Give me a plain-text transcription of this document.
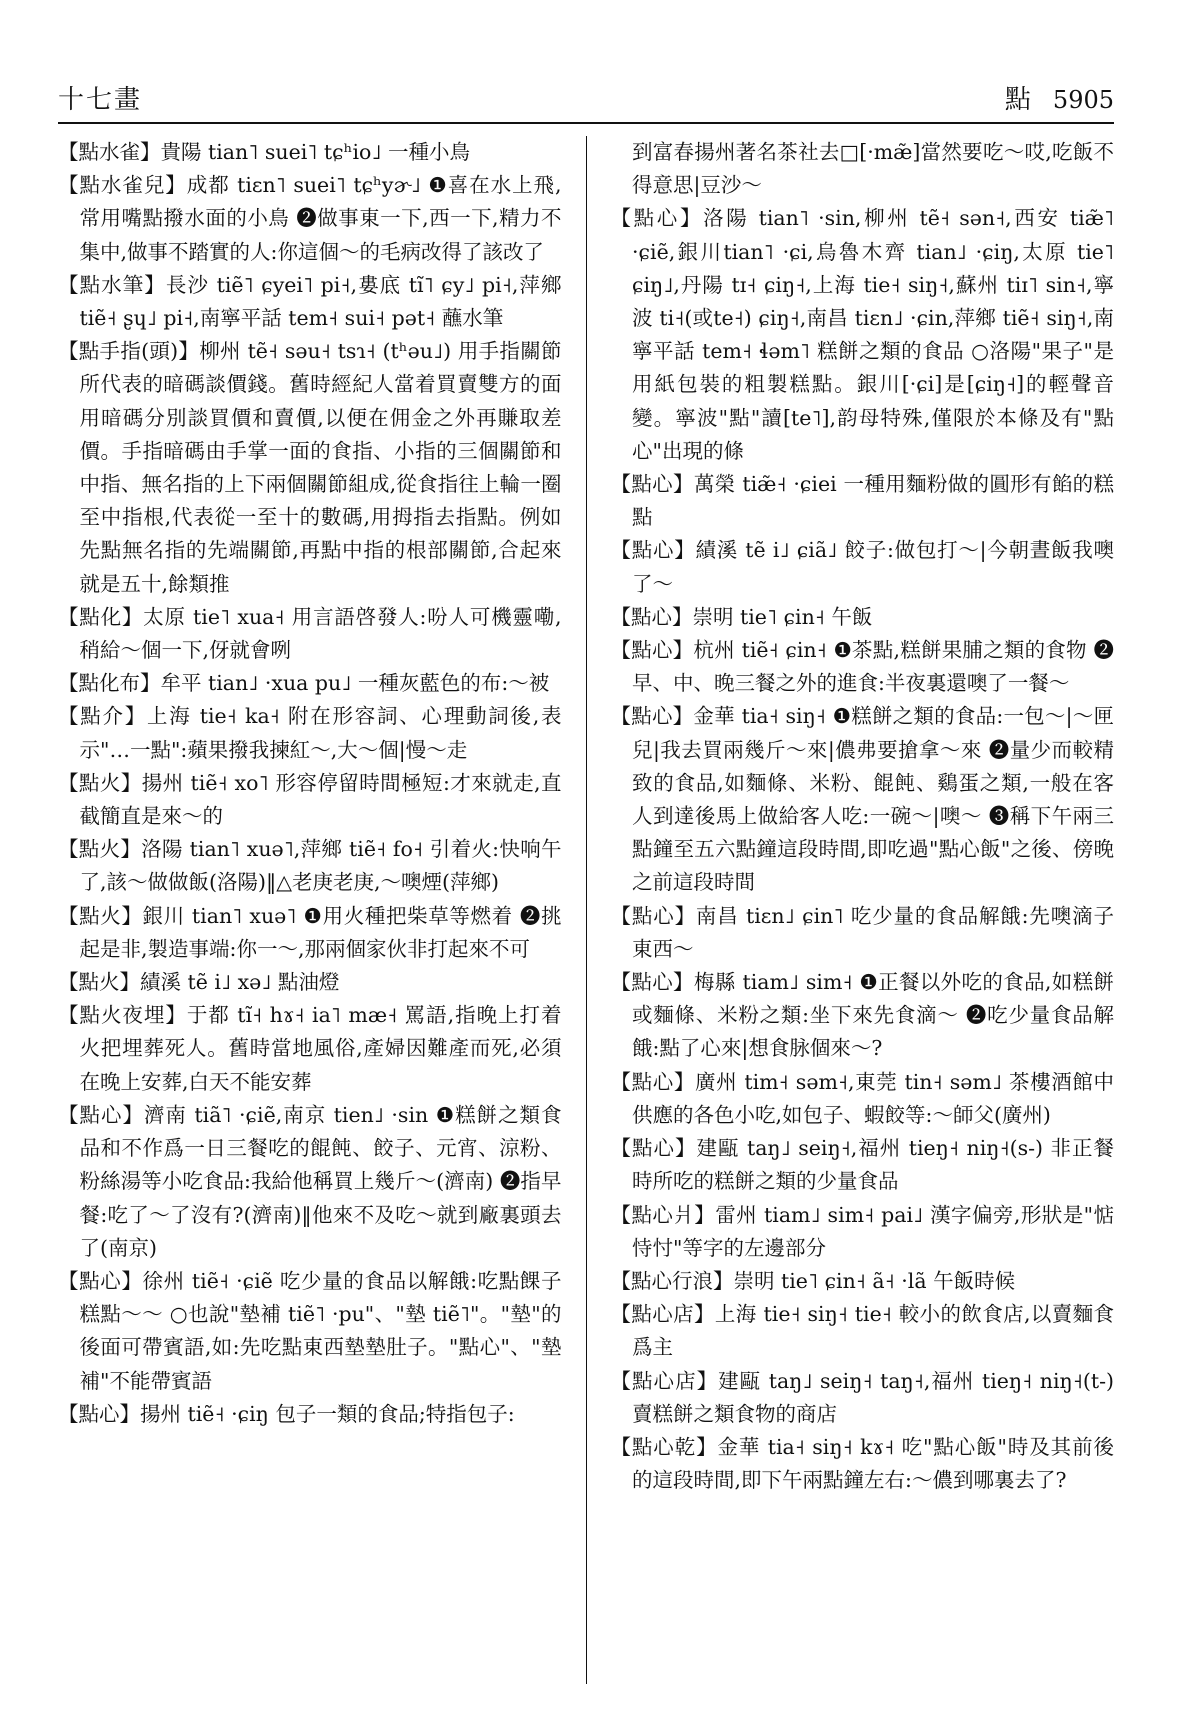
十七畫	點 5905
【點水雀】貴陽 tian˥ suei˥ tɕʰio˩ 一種小鳥
【點水雀兒】成都 tiɛn˥ suei˥ tɕʰyɚ˩ ❶喜在水上飛,常用嘴點撥水面的小鳥 ❷做事東一下,西一下,精力不集中,做事不踏實的人:你這個～的毛病改得了該改了
【點水筆】長沙 tiẽ˥ ɕyei˥ pi˧,婁底 tĩ˥ ɕy˩ pi˧,萍鄉 tiẽ˧ ʂɥ˩ pi˧,南寧平話 tem˧ sui˧ pət˧ 蘸水筆
【點手指(頭)】柳州 tẽ˧ səu˧ tsɿ˧ (tʰəu˩) 用手指關節所代表的暗碼談價錢。舊時經紀人當着買賣雙方的面用暗碼分別談買價和賣價,以便在佣金之外再賺取差價。手指暗碼由手掌一面的食指、小指的三個關節和中指、無名指的上下兩個關節組成,從食指往上輪一圈至中指根,代表從一至十的數碼,用拇指去指點。例如先點無名指的先端關節,再點中指的根部關節,合起來就是五十,餘類推
【點化】太原 tie˥ xua˧ 用言語啓發人:吩人可機靈嘞,稍給～個一下,伢就會咧
【點化布】牟平 tian˩ ·xua pu˩ 一種灰藍色的布:～被
【點介】上海 tie˧ ka˧ 附在形容詞、心理動詞後,表示"…一點":蘋果撥我揀紅～,大～個|慢～走
【點火】揚州 tiẽ˧ xo˥ 形容停留時間極短:才來就走,直截簡直是來～的
【點火】洛陽 tian˥ xuə˥,萍鄉 tiẽ˧ fo˧ 引着火:快响午了,該～做做飯(洛陽)‖△老庚老庚,～噢煙(萍鄉)
【點火】銀川 tian˥ xuə˥ ❶用火種把柴草等燃着 ❷挑起是非,製造事端:你一～,那兩個家伙非打起來不可
【點火】績溪 tẽ i˩ xə˩ 點油燈
【點火夜埋】于都 tĩ˧ hɤ˧ ia˥ mæ˧ 罵語,指晚上打着火把埋葬死人。舊時當地風俗,產婦因難產而死,必須在晚上安葬,白天不能安葬
【點心】濟南 tiã˥ ·ɕiẽ,南京 tien˩ ·sin ❶糕餅之類食品和不作爲一日三餐吃的餛飩、餃子、元宵、涼粉、粉絲湯等小吃食品:我給他稱買上幾斤～(濟南) ❷指早餐:吃了～了沒有?(濟南)‖他來不及吃～就到廠裏頭去了(南京)
【點心】徐州 tiẽ˧ ·ɕiẽ 吃少量的食品以解餓:吃點餜子糕點～～ ○也說"墊補 tiẽ˥ ·pu"、"墊 tiẽ˥"。"墊"的後面可帶賓語,如:先吃點東西墊墊肚子。"點心"、"墊補"不能帶賓語
【點心】揚州 tiẽ˧ ·ɕiŋ 包子一類的食品;特指包子:
到富春揚州著名茶社去□[·mæ̃]當然要吃～哎,吃飯不得意思|豆沙～
【點心】洛陽 tian˥ ·sin,柳州 tẽ˧ sən˧,西安 tiæ̃˥ ·ɕiẽ,銀川tian˥ ·ɕi,烏魯木齊 tian˩ ·ɕiŋ,太原 tie˥ ɕiŋ˩,丹陽 tɪ˧ ɕiŋ˧,上海 tie˧ siŋ˧,蘇州 tiɪ˥ sin˧,寧波 ti˧(或te˧) ɕiŋ˧,南昌 tiɛn˩ ·ɕin,萍鄉 tiẽ˧ siŋ˧,南寧平話 tem˧ ɬəm˥ 糕餅之類的食品 ○洛陽"果子"是用紙包裝的粗製糕點。銀川[·ɕi]是[ɕiŋ˧]的輕聲音變。寧波"點"讀[te˥],韵母特殊,僅限於本條及有"點心"出現的條
【點心】萬榮 tiæ̃˧ ·ɕiei 一種用麵粉做的圓形有餡的糕點
【點心】績溪 tẽ i˩ ɕiã˩ 餃子:做包打～|今朝晝飯我噢了～
【點心】崇明 tie˥ ɕin˧ 午飯
【點心】杭州 tiẽ˧ ɕin˧ ❶茶點,糕餅果脯之類的食物 ❷早、中、晚三餐之外的進食:半夜裏還噢了一餐～
【點心】金華 tia˧ siŋ˧ ❶糕餅之類的食品:一包～|～匣兒|我去買兩幾斤～來|儂弗要搶拿～來 ❷量少而較精致的食品,如麵條、米粉、餛飩、鷄蛋之類,一般在客人到達後馬上做給客人吃:一碗～|噢～ ❸稱下午兩三點鐘至五六點鐘這段時間,即吃過"點心飯"之後、傍晚之前這段時間
【點心】南昌 tiɛn˩ ɕin˥ 吃少量的食品解餓:先噢滴子東西～
【點心】梅縣 tiam˩ sim˧ ❶正餐以外吃的食品,如糕餅或麵條、米粉之類:坐下來先食滴～ ❷吃少量食品解餓:點了心來|想食脉個來～?
【點心】廣州 tim˧ səm˧,東莞 tin˧ səm˩ 茶樓酒館中供應的各色小吃,如包子、蝦餃等:～師父(廣州)
【點心】建甌 taŋ˩ seiŋ˧,福州 tieŋ˧ niŋ˧(s-) 非正餐時所吃的糕餅之類的少量食品
【點心爿】雷州 tiam˩ sim˧ pai˩ 漢字偏旁,形狀是"惦恃忖"等字的左邊部分
【點心行浪】崇明 tie˥ ɕin˧ ã˧ ·lã 午飯時候
【點心店】上海 tie˧ siŋ˧ tie˧ 較小的飲食店,以賣麵食爲主
【點心店】建甌 taŋ˩ seiŋ˧ taŋ˧,福州 tieŋ˧ niŋ˧(t-) 賣糕餅之類食物的商店
【點心乾】金華 tia˧ siŋ˧ kɤ˧ 吃"點心飯"時及其前後的這段時間,即下午兩點鐘左右:～儂到哪裏去了?
